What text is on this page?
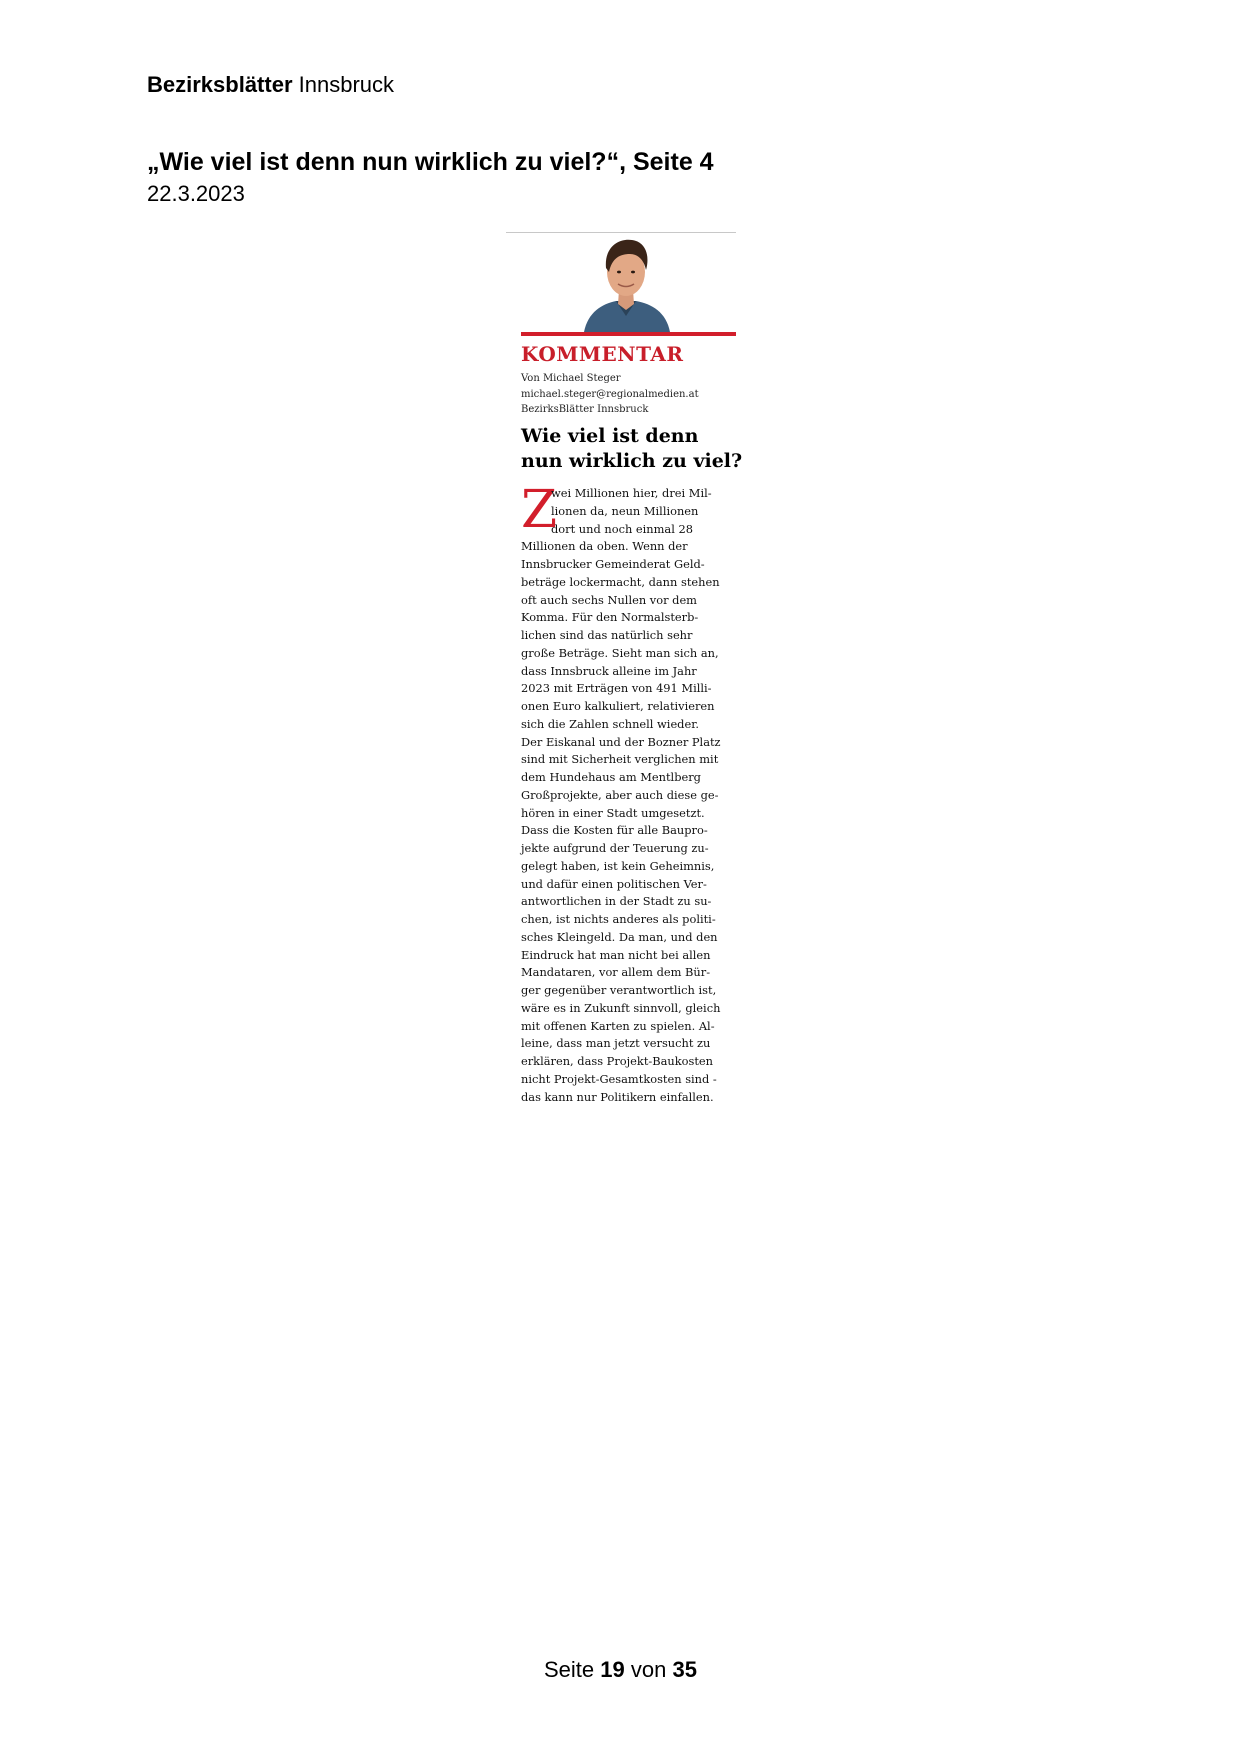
Bezirksblätter Innsbruck
„Wie viel ist denn nun wirklich zu viel?“, Seite 4
22.3.2023
KOMMENTAR
Von Michael Steger
michael.steger@regionalmedien.at
BezirksBlätter Innsbruck
Wie viel ist denn
nun wirklich zu viel?
Z
wei Millionen hier, drei Mil-
lionen da, neun Millionen
dort und noch einmal 28
Millionen da oben. Wenn der
Innsbrucker Gemeinderat Geld-
beträge lockermacht, dann stehen
oft auch sechs Nullen vor dem
Komma. Für den Normalsterb-
lichen sind das natürlich sehr
große Beträge. Sieht man sich an,
dass Innsbruck alleine im Jahr
2023 mit Erträgen von 491 Milli-
onen Euro kalkuliert, relativieren
sich die Zahlen schnell wieder.
Der Eiskanal und der Bozner Platz
sind mit Sicherheit verglichen mit
dem Hundehaus am Mentlberg
Großprojekte, aber auch diese ge-
hören in einer Stadt umgesetzt.
Dass die Kosten für alle Baupro-
jekte aufgrund der Teuerung zu-
gelegt haben, ist kein Geheimnis,
und dafür einen politischen Ver-
antwortlichen in der Stadt zu su-
chen, ist nichts anderes als politi-
sches Kleingeld. Da man, und den
Eindruck hat man nicht bei allen
Mandataren, vor allem dem Bür-
ger gegenüber verantwortlich ist,
wäre es in Zukunft sinnvoll, gleich
mit offenen Karten zu spielen. Al-
leine, dass man jetzt versucht zu
erklären, dass Projekt-Baukosten
nicht Projekt-Gesamtkosten sind -
das kann nur Politikern einfallen.
Seite 19 von 35
